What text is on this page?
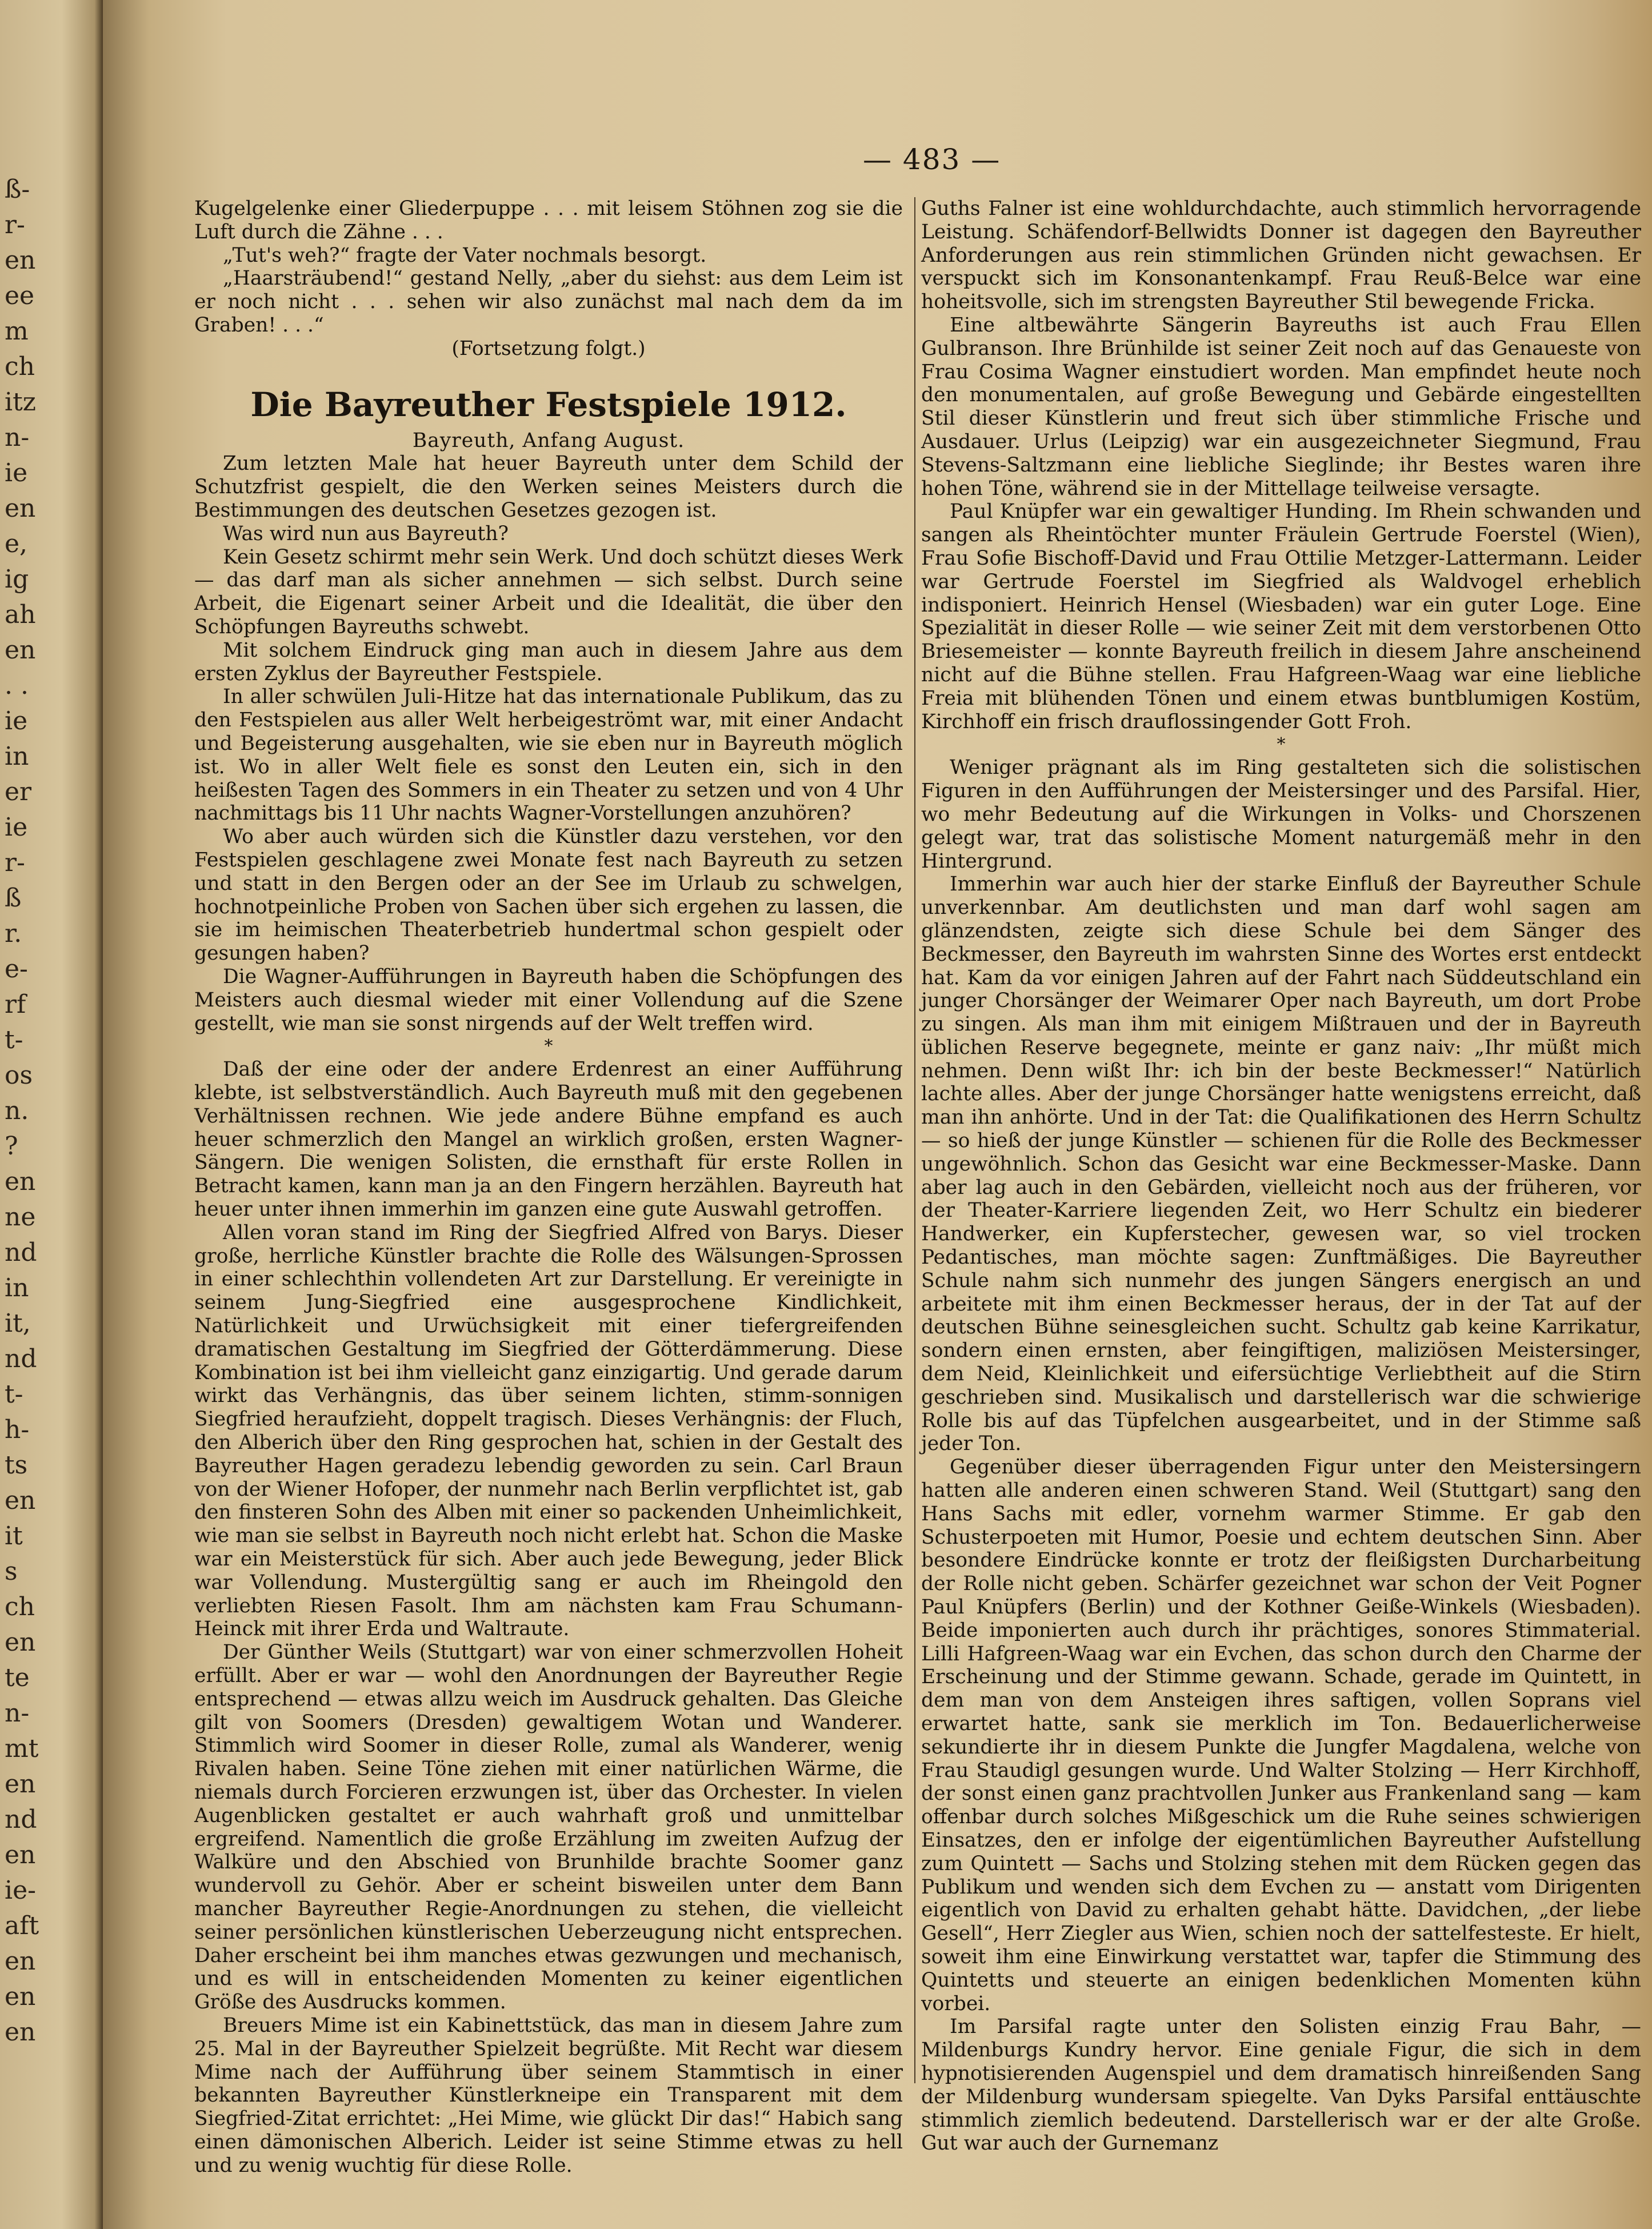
ß-
r-
en
ee
m
ch
itz
n-
ie
en
e,
ig
ah
en
. .
ie
in
er
ie
r-
ß
r.
e-
rf
t-
os
n.
?
en
ne
nd
in
it,
nd
t-
h-
ts
en
it
s
ch
en
te
n-
mt
en
nd
en
ie-
aft
en
en
en
— 483 —

Kugelgelenke einer Gliederpuppe . . . mit leisem Stöhnen zog sie die Luft durch die Zähne . . .

„Tut's weh?“ fragte der Vater nochmals besorgt.

„Haarsträubend!“ gestand Nelly, „aber du siehst: aus dem Leim ist er noch nicht . . . sehen wir also zunächst mal nach dem da im Graben! . . .“

(Fortsetzung folgt.)

Die Bayreuther Festspiele 1912.

Bayreuth, Anfang August.

Zum letzten Male hat heuer Bayreuth unter dem Schild der Schutzfrist gespielt, die den Werken seines Meisters durch die Bestimmungen des deutschen Gesetzes gezogen ist.

Was wird nun aus Bayreuth?

Kein Gesetz schirmt mehr sein Werk. Und doch schützt dieses Werk — das darf man als sicher annehmen — sich selbst. Durch seine Arbeit, die Eigenart seiner Arbeit und die Idealität, die über den Schöpfungen Bayreuths schwebt.

Mit solchem Eindruck ging man auch in diesem Jahre aus dem ersten Zyklus der Bayreuther Festspiele.

In aller schwülen Juli-Hitze hat das internationale Publikum, das zu den Festspielen aus aller Welt herbeigeströmt war, mit einer Andacht und Begeisterung ausgehalten, wie sie eben nur in Bayreuth möglich ist. Wo in aller Welt fiele es sonst den Leuten ein, sich in den heißesten Tagen des Sommers in ein Theater zu setzen und von 4 Uhr nachmittags bis 11 Uhr nachts Wagner-Vorstellungen anzuhören?

Wo aber auch würden sich die Künstler dazu verstehen, vor den Festspielen geschlagene zwei Monate fest nach Bayreuth zu setzen und statt in den Bergen oder an der See im Urlaub zu schwelgen, hochnotpeinliche Proben von Sachen über sich ergehen zu lassen, die sie im heimischen Theaterbetrieb hundertmal schon gespielt oder gesungen haben?

Die Wagner-Aufführungen in Bayreuth haben die Schöpfungen des Meisters auch diesmal wieder mit einer Vollendung auf die Szene gestellt, wie man sie sonst nirgends auf der Welt treffen wird.

*

Daß der eine oder der andere Erdenrest an einer Aufführung klebte, ist selbstverständlich. Auch Bayreuth muß mit den gegebenen Verhältnissen rechnen. Wie jede andere Bühne empfand es auch heuer schmerzlich den Mangel an wirklich großen, ersten Wagner-Sängern. Die wenigen Solisten, die ernsthaft für erste Rollen in Betracht kamen, kann man ja an den Fingern herzählen. Bayreuth hat heuer unter ihnen immerhin im ganzen eine gute Auswahl getroffen.

Allen voran stand im Ring der Siegfried Alfred von Barys. Dieser große, herrliche Künstler brachte die Rolle des Wälsungen-Sprossen in einer schlechthin vollendeten Art zur Darstellung. Er vereinigte in seinem Jung-Siegfried eine ausgesprochene Kindlichkeit, Natürlichkeit und Urwüchsigkeit mit einer tiefergreifenden dramatischen Gestaltung im Siegfried der Götterdämmerung. Diese Kombination ist bei ihm vielleicht ganz einzigartig. Und gerade darum wirkt das Verhängnis, das über seinem lichten, stimm-sonnigen Siegfried heraufzieht, doppelt tragisch. Dieses Verhängnis: der Fluch, den Alberich über den Ring gesprochen hat, schien in der Gestalt des Bayreuther Hagen geradezu lebendig geworden zu sein. Carl Braun von der Wiener Hofoper, der nunmehr nach Berlin verpflichtet ist, gab den finsteren Sohn des Alben mit einer so packenden Unheimlichkeit, wie man sie selbst in Bayreuth noch nicht erlebt hat. Schon die Maske war ein Meisterstück für sich. Aber auch jede Bewegung, jeder Blick war Vollendung. Mustergültig sang er auch im Rheingold den verliebten Riesen Fasolt. Ihm am nächsten kam Frau Schumann-Heinck mit ihrer Erda und Waltraute.

Der Günther Weils (Stuttgart) war von einer schmerzvollen Hoheit erfüllt. Aber er war — wohl den Anordnungen der Bayreuther Regie entsprechend — etwas allzu weich im Ausdruck gehalten. Das Gleiche gilt von Soomers (Dresden) gewaltigem Wotan und Wanderer. Stimmlich wird Soomer in dieser Rolle, zumal als Wanderer, wenig Rivalen haben. Seine Töne ziehen mit einer natürlichen Wärme, die niemals durch Forcieren erzwungen ist, über das Orchester. In vielen Augenblicken gestaltet er auch wahrhaft groß und unmittelbar ergreifend. Namentlich die große Erzählung im zweiten Aufzug der Walküre und den Abschied von Brunhilde brachte Soomer ganz wundervoll zu Gehör. Aber er scheint bisweilen unter dem Bann mancher Bayreuther Regie-Anordnungen zu stehen, die vielleicht seiner persönlichen künstlerischen Ueberzeugung nicht entsprechen. Daher erscheint bei ihm manches etwas gezwungen und mechanisch, und es will in entscheidenden Momenten zu keiner eigentlichen Größe des Ausdrucks kommen.

Breuers Mime ist ein Kabinettstück, das man in diesem Jahre zum 25. Mal in der Bayreuther Spielzeit begrüßte. Mit Recht war diesem Mime nach der Aufführung über seinem Stammtisch in einer bekannten Bayreuther Künstlerkneipe ein Transparent mit dem Siegfried-Zitat errichtet: „Hei Mime, wie glückt Dir das!“ Habich sang einen dämonischen Alberich. Leider ist seine Stimme etwas zu hell und zu wenig wuchtig für diese Rolle.

Guths Falner ist eine wohldurchdachte, auch stimmlich hervorragende Leistung. Schäfendorf-Bellwidts Donner ist dagegen den Bayreuther Anforderungen aus rein stimmlichen Gründen nicht gewachsen. Er verspuckt sich im Konsonantenkampf. Frau Reuß-Belce war eine hoheitsvolle, sich im strengsten Bayreuther Stil bewegende Fricka.

Eine altbewährte Sängerin Bayreuths ist auch Frau Ellen Gulbranson. Ihre Brünhilde ist seiner Zeit noch auf das Genaueste von Frau Cosima Wagner einstudiert worden. Man empfindet heute noch den monumentalen, auf große Bewegung und Gebärde eingestellten Stil dieser Künstlerin und freut sich über stimmliche Frische und Ausdauer. Urlus (Leipzig) war ein ausgezeichneter Siegmund, Frau Stevens-Saltzmann eine liebliche Sieglinde; ihr Bestes waren ihre hohen Töne, während sie in der Mittellage teilweise versagte.

Paul Knüpfer war ein gewaltiger Hunding. Im Rhein schwanden und sangen als Rheintöchter munter Fräulein Gertrude Foerstel (Wien), Frau Sofie Bischoff-David und Frau Ottilie Metzger-Lattermann. Leider war Gertrude Foerstel im Siegfried als Waldvogel erheblich indisponiert. Heinrich Hensel (Wiesbaden) war ein guter Loge. Eine Spezialität in dieser Rolle — wie seiner Zeit mit dem verstorbenen Otto Briesemeister — konnte Bayreuth freilich in diesem Jahre anscheinend nicht auf die Bühne stellen. Frau Hafgreen-Waag war eine liebliche Freia mit blühenden Tönen und einem etwas buntblumigen Kostüm, Kirchhoff ein frisch drauflossingender Gott Froh.

*

Weniger prägnant als im Ring gestalteten sich die solistischen Figuren in den Aufführungen der Meistersinger und des Parsifal. Hier, wo mehr Bedeutung auf die Wirkungen in Volks- und Chorszenen gelegt war, trat das solistische Moment naturgemäß mehr in den Hintergrund.

Immerhin war auch hier der starke Einfluß der Bayreuther Schule unverkennbar. Am deutlichsten und man darf wohl sagen am glänzendsten, zeigte sich diese Schule bei dem Sänger des Beckmesser, den Bayreuth im wahrsten Sinne des Wortes erst entdeckt hat. Kam da vor einigen Jahren auf der Fahrt nach Süddeutschland ein junger Chorsänger der Weimarer Oper nach Bayreuth, um dort Probe zu singen. Als man ihm mit einigem Mißtrauen und der in Bayreuth üblichen Reserve begegnete, meinte er ganz naiv: „Ihr müßt mich nehmen. Denn wißt Ihr: ich bin der beste Beckmesser!“ Natürlich lachte alles. Aber der junge Chorsänger hatte wenigstens erreicht, daß man ihn anhörte. Und in der Tat: die Qualifikationen des Herrn Schultz — so hieß der junge Künstler — schienen für die Rolle des Beckmesser ungewöhnlich. Schon das Gesicht war eine Beckmesser-Maske. Dann aber lag auch in den Gebärden, vielleicht noch aus der früheren, vor der Theater-Karriere liegenden Zeit, wo Herr Schultz ein biederer Handwerker, ein Kupferstecher, gewesen war, so viel trocken Pedantisches, man möchte sagen: Zunftmäßiges. Die Bayreuther Schule nahm sich nunmehr des jungen Sängers energisch an und arbeitete mit ihm einen Beckmesser heraus, der in der Tat auf der deutschen Bühne seinesgleichen sucht. Schultz gab keine Karrikatur, sondern einen ernsten, aber feingiftigen, maliziösen Meistersinger, dem Neid, Kleinlichkeit und eifersüchtige Verliebtheit auf die Stirn geschrieben sind. Musikalisch und darstellerisch war die schwierige Rolle bis auf das Tüpfelchen ausgearbeitet, und in der Stimme saß jeder Ton.

Gegenüber dieser überragenden Figur unter den Meistersingern hatten alle anderen einen schweren Stand. Weil (Stuttgart) sang den Hans Sachs mit edler, vornehm warmer Stimme. Er gab den Schusterpoeten mit Humor, Poesie und echtem deutschen Sinn. Aber besondere Eindrücke konnte er trotz der fleißigsten Durcharbeitung der Rolle nicht geben. Schärfer gezeichnet war schon der Veit Pogner Paul Knüpfers (Berlin) und der Kothner Geiße-Winkels (Wiesbaden). Beide imponierten auch durch ihr prächtiges, sonores Stimmaterial. Lilli Hafgreen-Waag war ein Evchen, das schon durch den Charme der Erscheinung und der Stimme gewann. Schade, gerade im Quintett, in dem man von dem Ansteigen ihres saftigen, vollen Soprans viel erwartet hatte, sank sie merklich im Ton. Bedauerlicherweise sekundierte ihr in diesem Punkte die Jungfer Magdalena, welche von Frau Staudigl gesungen wurde. Und Walter Stolzing — Herr Kirchhoff, der sonst einen ganz prachtvollen Junker aus Frankenland sang — kam offenbar durch solches Mißgeschick um die Ruhe seines schwierigen Einsatzes, den er infolge der eigentümlichen Bayreuther Aufstellung zum Quintett — Sachs und Stolzing stehen mit dem Rücken gegen das Publikum und wenden sich dem Evchen zu — anstatt vom Dirigenten eigentlich von David zu erhalten gehabt hätte. Davidchen, „der liebe Gesell“, Herr Ziegler aus Wien, schien noch der sattelfesteste. Er hielt, soweit ihm eine Einwirkung verstattet war, tapfer die Stimmung des Quintetts und steuerte an einigen bedenklichen Momenten kühn vorbei.

Im Parsifal ragte unter den Solisten einzig Frau Bahr, — Mildenburgs Kundry hervor. Eine geniale Figur, die sich in dem hypnotisierenden Augenspiel und dem dramatisch hinreißenden Sang der Mildenburg wundersam spiegelte. Van Dyks Parsifal enttäuschte stimmlich ziemlich bedeutend. Darstellerisch war er der alte Große. Gut war auch der Gurnemanz
